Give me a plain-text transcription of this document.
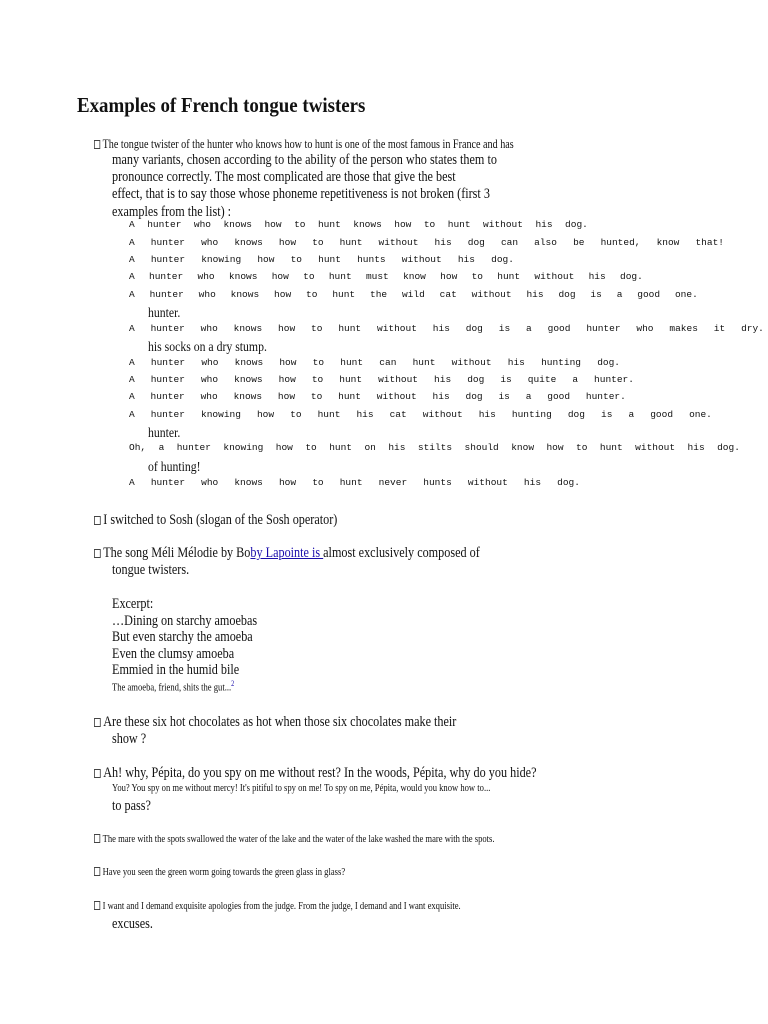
Examples of French tongue twisters
The tongue twister of the hunter who knows how to hunt is one of the most famous in France and has
many variants, chosen according to the ability of the person who states them to
pronounce correctly. The most complicated are those that give the best
effect, that is to say those whose phoneme repetitiveness is not broken (first 3
examples from the list) :
A hunter who knows how to hunt knows how to hunt without his dog.
A hunter who knows how to hunt without his dog can also be hunted, know that!
A hunter knowing how to hunt hunts without his dog.
A hunter who knows how to hunt must know how to hunt without his dog.
A hunter who knows how to hunt the wild cat without his dog is a good one.
A hunter who knows how to hunt without his dog is a good hunter who makes it dry.
A hunter who knows how to hunt can hunt without his hunting dog.
A hunter who knows how to hunt without his dog is quite a hunter.
A hunter who knows how to hunt without his dog is a good hunter.
A hunter knowing how to hunt his cat without his hunting dog is a good one.
Oh, a hunter knowing how to hunt on his stilts should know how to hunt without his dog.
A hunter who knows how to hunt never hunts without his dog.
hunter.
his socks on a dry stump.
hunter.
of hunting!
I switched to Sosh (slogan of the Sosh operator)
The song Méli Mélodie by Boby Lapointe is almost exclusively composed of
tongue twisters.
Excerpt:
…Dining on starchy amoebas
But even starchy the amoeba
Even the clumsy amoeba
Emmied in the humid bile
The amoeba, friend, shits the gut...$^2$
Are these six hot chocolates as hot when those six chocolates make their
show ?
Ah! why, Pépita, do you spy on me without rest? In the woods, Pépita, why do you hide?
You? You spy on me without mercy! It's pitiful to spy on me! To spy on me, Pépita, would you know how to...
to pass?
The mare with the spots swallowed the water of the lake and the water of the lake washed the mare with the spots.
Have you seen the green worm going towards the green glass in glass?
I want and I demand exquisite apologies from the judge. From the judge, I demand and I want exquisite.
excuses.
